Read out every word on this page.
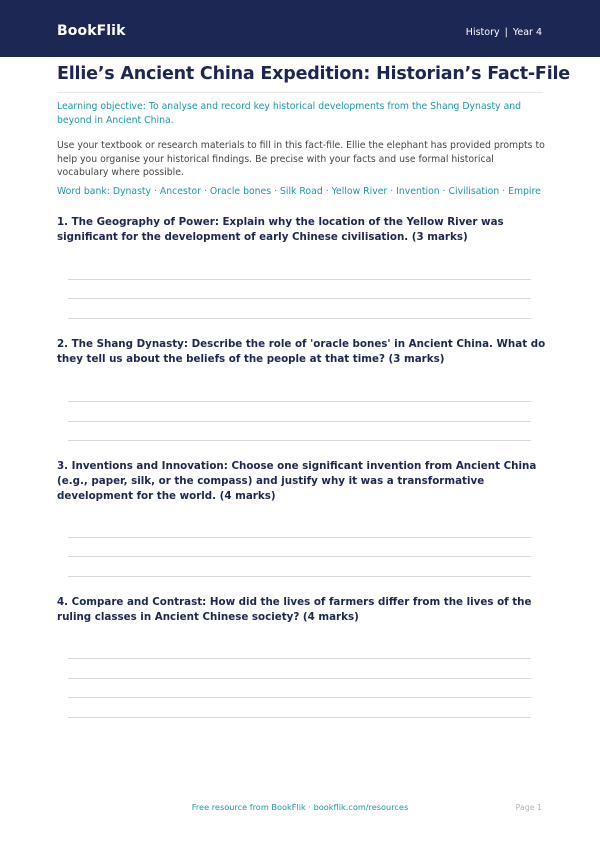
BookFlik	History | Year 4
Ellie’s Ancient China Expedition: Historian’s Fact-File
Learning objective: To analyse and record key historical developments from the Shang Dynasty and beyond in Ancient China.
Use your textbook or research materials to fill in this fact-file. Ellie the elephant has provided prompts to help you organise your historical findings. Be precise with your facts and use formal historical vocabulary where possible.
Word bank: Dynasty · Ancestor · Oracle bones · Silk Road · Yellow River · Invention · Civilisation · Empire
1. The Geography of Power: Explain why the location of the Yellow River was significant for the development of early Chinese civilisation. (3 marks)
2. The Shang Dynasty: Describe the role of 'oracle bones' in Ancient China. What do they tell us about the beliefs of the people at that time? (3 marks)
3. Inventions and Innovation: Choose one significant invention from Ancient China (e.g., paper, silk, or the compass) and justify why it was a transformative development for the world. (4 marks)
4. Compare and Contrast: How did the lives of farmers differ from the lives of the ruling classes in Ancient Chinese society? (4 marks)
Free resource from BookFlik · bookflik.com/resources	Page 1
